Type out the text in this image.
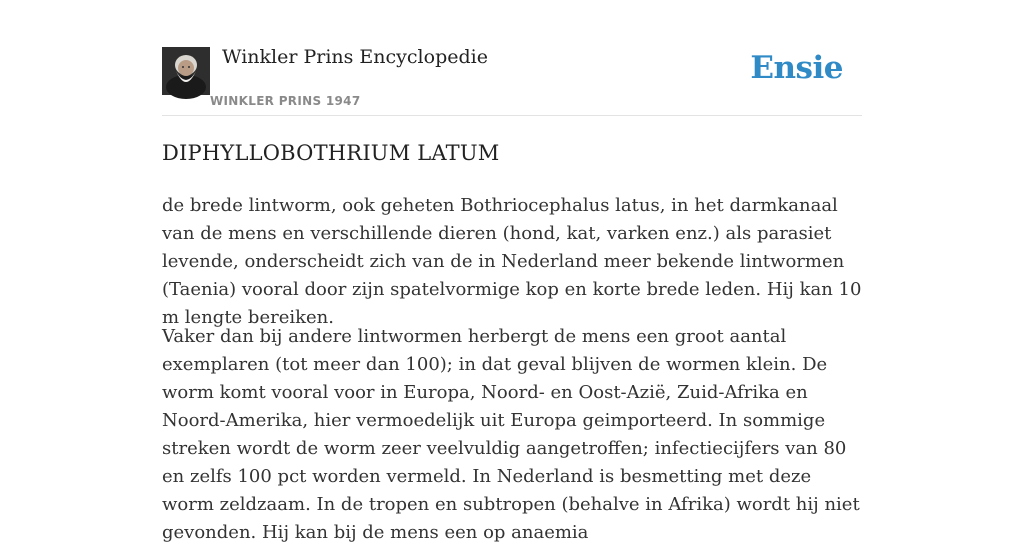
Winkler Prins Encyclopedie
WINKLER PRINS 1947
Ensie
DIPHYLLOBOTHRIUM LATUM

de brede lintworm, ook geheten Bothriocephalus latus, in het darmkanaal van de mens en verschillende dieren (hond, kat, varken enz.) als parasiet levende, onderscheidt zich van de in Nederland meer bekende lintwormen (Taenia) vooral door zijn spatelvormige kop en korte brede leden. Hij kan 10 m lengte bereiken.

Vaker dan bij andere lintwormen herbergt de mens een groot aantal exemplaren (tot meer dan 100); in dat geval blijven de wormen klein. De worm komt vooral voor in Europa, Noord- en Oost-Azië, Zuid-Afrika en Noord-Amerika, hier vermoedelijk uit Europa geimporteerd. In sommige streken wordt de worm zeer veelvuldig aangetroffen; infectiecijfers van 80 en zelfs 100 pct worden vermeld. In Nederland is besmetting met deze worm zeldzaam. In de tropen en subtropen (behalve in Afrika) wordt hij niet gevonden. Hij kan bij de mens een op anaemia
